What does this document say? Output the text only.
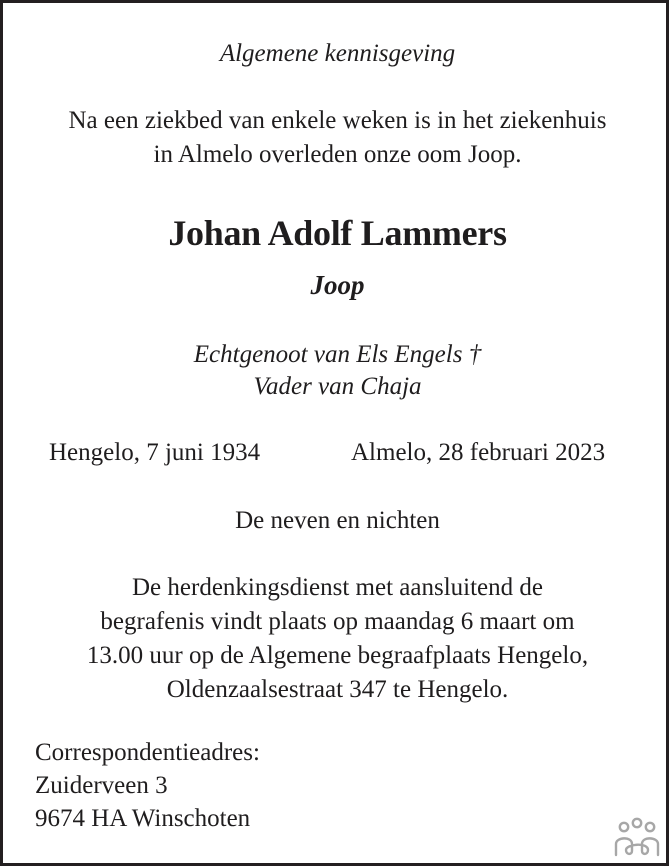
Algemene kennisgeving
Na een ziekbed van enkele weken is in het ziekenhuis
in Almelo overleden onze oom Joop.
Johan Adolf Lammers
Joop
Echtgenoot van Els Engels †
Vader van Chaja
Hengelo, 7 juni 1934	Almelo, 28 februari 2023
De neven en nichten
De herdenkingsdienst met aansluitend de
begrafenis vindt plaats op maandag 6 maart om
13.00 uur op de Algemene begraafplaats Hengelo,
Oldenzaalsestraat 347 te Hengelo.
Correspondentieadres:
Zuiderveen 3
9674 HA Winschoten
